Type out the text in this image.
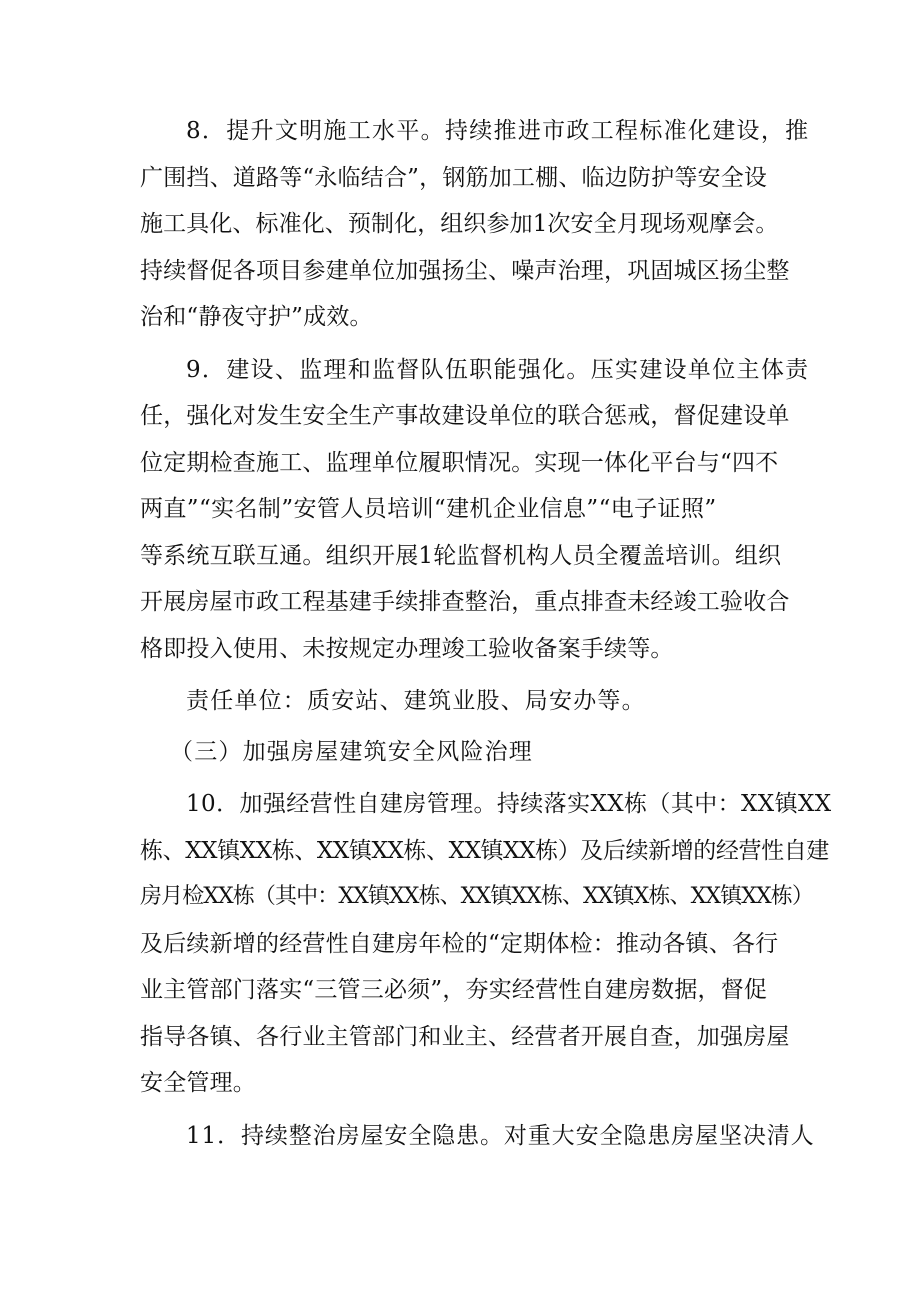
8．提升文明施工水平。持续推进市政工程标准化建设，推
广围挡、道路等“永临结合”，钢筋加工棚、临边防护等安全设
施工具化、标准化、预制化，组织参加1次安全月现场观摩会。
持续督促各项目参建单位加强扬尘、噪声治理，巩固城区扬尘整
治和“静夜守护”成效。
9．建设、监理和监督队伍职能强化。压实建设单位主体责
任，强化对发生安全生产事故建设单位的联合惩戒，督促建设单
位定期检查施工、监理单位履职情况。实现一体化平台与“四不
两直”“实名制”安管人员培训“建机企业信息”“电子证照”
等系统互联互通。组织开展1轮监督机构人员全覆盖培训。组织
开展房屋市政工程基建手续排查整治，重点排查未经竣工验收合
格即投入使用、未按规定办理竣工验收备案手续等。

责任单位：质安站、建筑业股、局安办等。

（三）加强房屋建筑安全风险治理

10．加强经营性自建房管理。持续落实XX栋（其中：XX镇XX
栋、XX镇XX栋、XX镇XX栋、XX镇XX栋）及后续新增的经营性自建
房月检XX栋（其中：XX镇XX栋、XX镇XX栋、XX镇X栋、XX镇XX栋）
及后续新增的经营性自建房年检的“定期体检：推动各镇、各行
业主管部门落实“三管三必须”，夯实经营性自建房数据，督促
指导各镇、各行业主管部门和业主、经营者开展自查，加强房屋
安全管理。
11．持续整治房屋安全隐患。对重大安全隐患房屋坚决清人
